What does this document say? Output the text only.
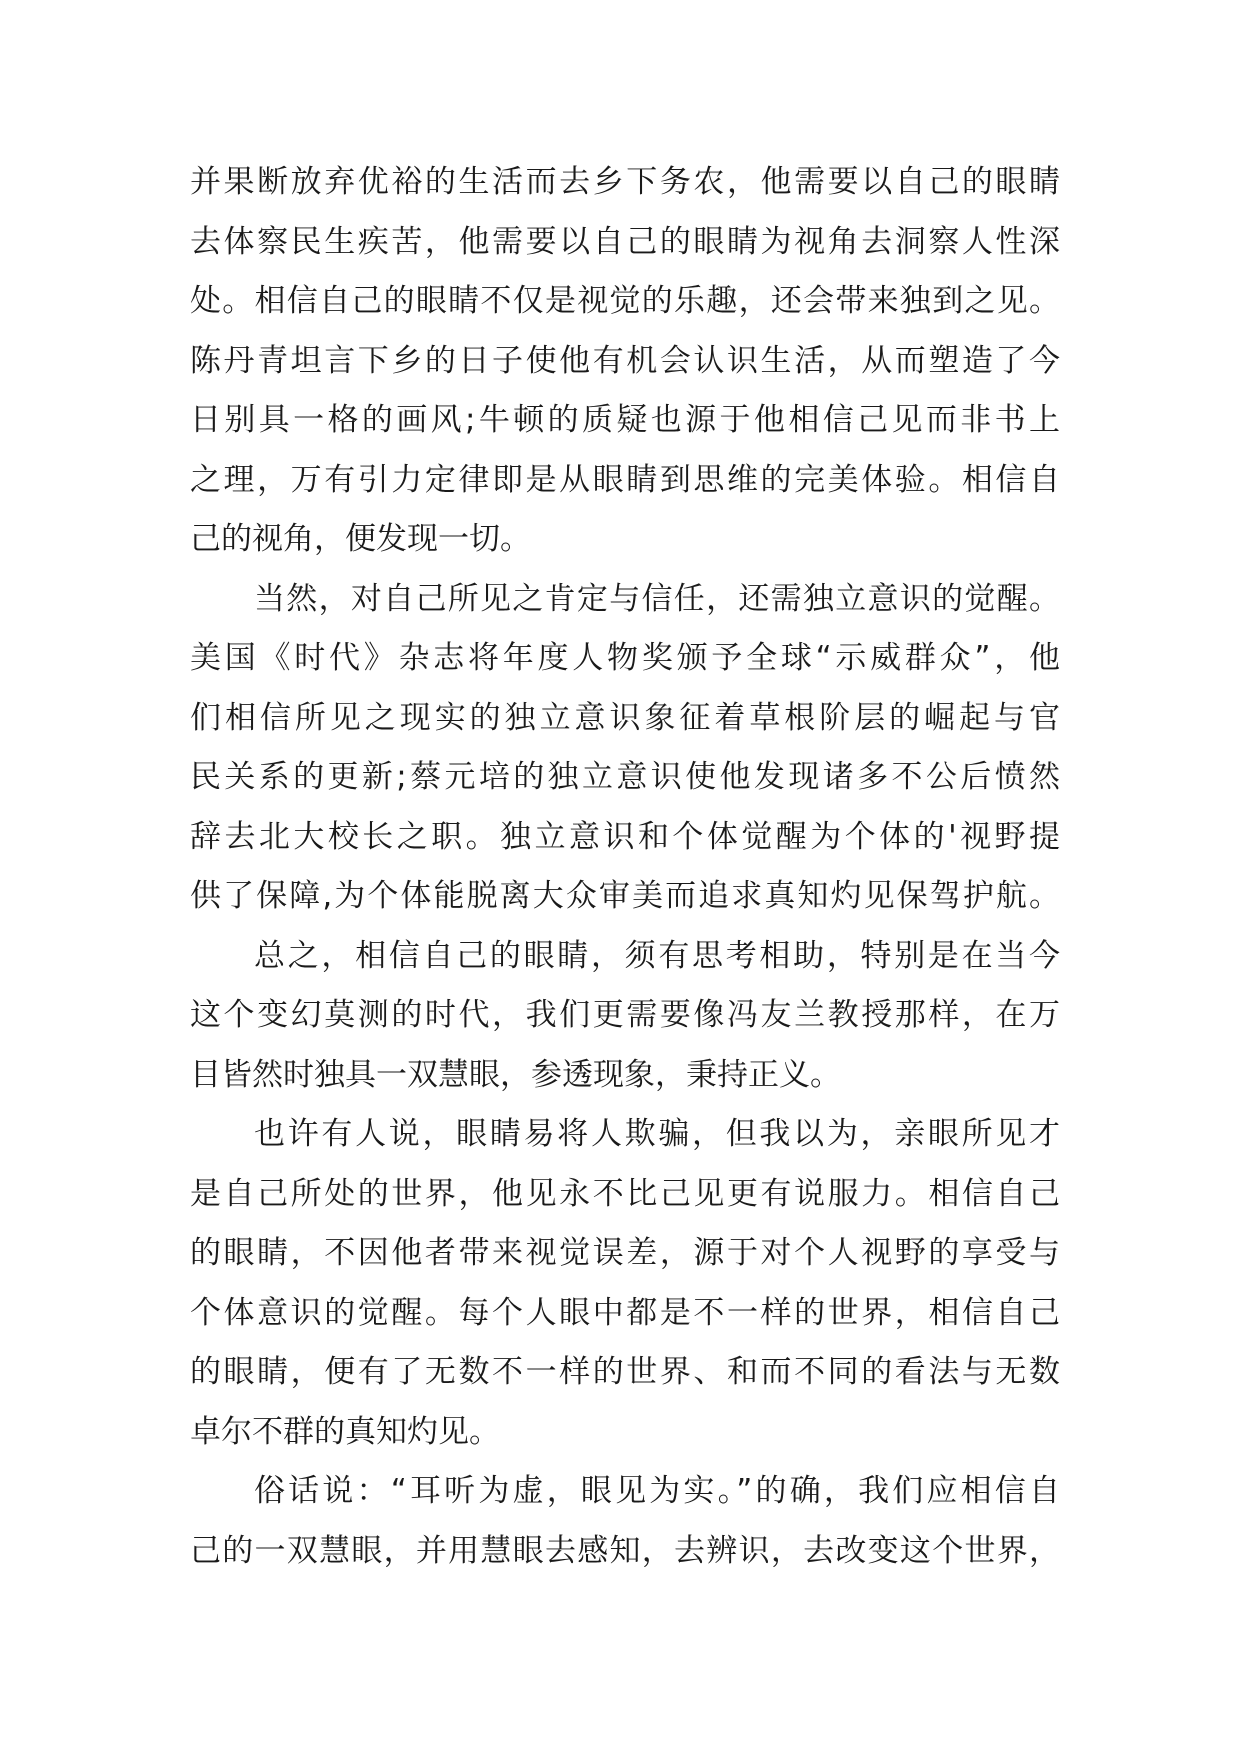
并果断放弃优裕的生活而去乡下务农，他需要以自己的眼睛
去体察民生疾苦，他需要以自己的眼睛为视角去洞察人性深
处。相信自己的眼睛不仅是视觉的乐趣，还会带来独到之见。
陈丹青坦言下乡的日子使他有机会认识生活，从而塑造了今
日别具一格的画风;牛顿的质疑也源于他相信己见而非书上
之理，万有引力定律即是从眼睛到思维的完美体验。相信自
己的视角，便发现一切。
当然，对自己所见之肯定与信任，还需独立意识的觉醒。
美国《时代》杂志将年度人物奖颁予全球“示威群众”，他
们相信所见之现实的独立意识象征着草根阶层的崛起与官
民关系的更新;蔡元培的独立意识使他发现诸多不公后愤然
辞去北大校长之职。独立意识和个体觉醒为个体的'视野提
供了保障,为个体能脱离大众审美而追求真知灼见保驾护航。
总之，相信自己的眼睛，须有思考相助，特别是在当今
这个变幻莫测的时代，我们更需要像冯友兰教授那样，在万
目皆然时独具一双慧眼，参透现象，秉持正义。
也许有人说，眼睛易将人欺骗，但我以为，亲眼所见才
是自己所处的世界，他见永不比己见更有说服力。相信自己
的眼睛，不因他者带来视觉误差，源于对个人视野的享受与
个体意识的觉醒。每个人眼中都是不一样的世界，相信自己
的眼睛，便有了无数不一样的世界、和而不同的看法与无数
卓尔不群的真知灼见。
俗话说：“耳听为虚，眼见为实。”的确，我们应相信自
己的一双慧眼，并用慧眼去感知，去辨识，去改变这个世界，
